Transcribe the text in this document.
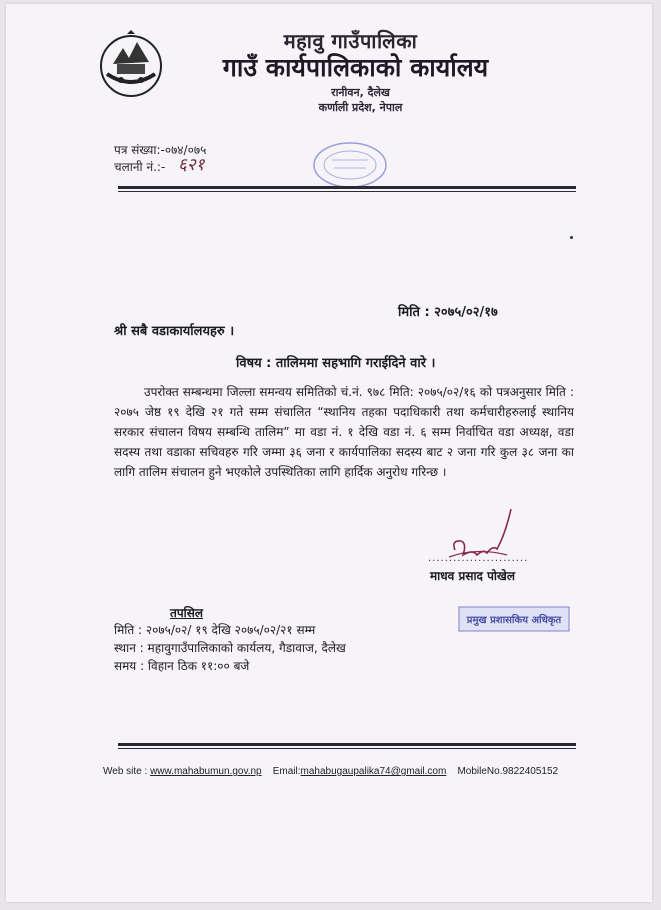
महावु गाउँपालिका
गाउँ कार्यपालिकाको कार्यालय
रानीवन, दैलेख
कर्णाली प्रदेश, नेपाल
पत्र संख्या:-०७४/०७५
चलानी नं.:- ६२१
मिति : २०७५/०२/१७
श्री सबै वडाकार्यालयहरु ।
विषय : तालिममा सहभागि गराईदिने वारे ।
उपरोक्त सम्बन्धमा जिल्ला समन्वय समितिको चं.नं. ९७८ मिति: २०७५/०२/१६ को पत्रअनुसार मिति : २०७५ जेष्ठ १९ देखि २१ गते सम्म संचालित “स्थानिय तहका पदाधिकारी तथा कर्मचारीहरुलाई स्थानिय सरकार संचालन विषय सम्बन्धि तालिम” मा वडा नं. १ देखि वडा नं. ६ सम्म निर्वाचित वडा अध्यक्ष, वडा सदस्य तथा वडाका सचिवहरु गरि जम्मा ३६ जना र कार्यपालिका सदस्य बाट २ जना गरि कुल ३८ जना का लागि तालिम संचालन हुने भएकोले उपस्थितिका लागि हार्दिक अनुरोध गरिन्छ ।
........................
माधव प्रसाद पोखेल
प्रमुख प्रशासकिय अधिकृत
तपसिल
मिति : २०७५/०२/ १९ देखि २०७५/०२/२१ सम्म
स्थान : महावुगाउँपालिकाको कार्यलय, गैडावाज, दैलेख
समय : विहान ठिक ११:०० बजे
Web site : www.mahabumun.gov.np Email:mahabugaupalika74@gmail.com MobileNo.9822405152
